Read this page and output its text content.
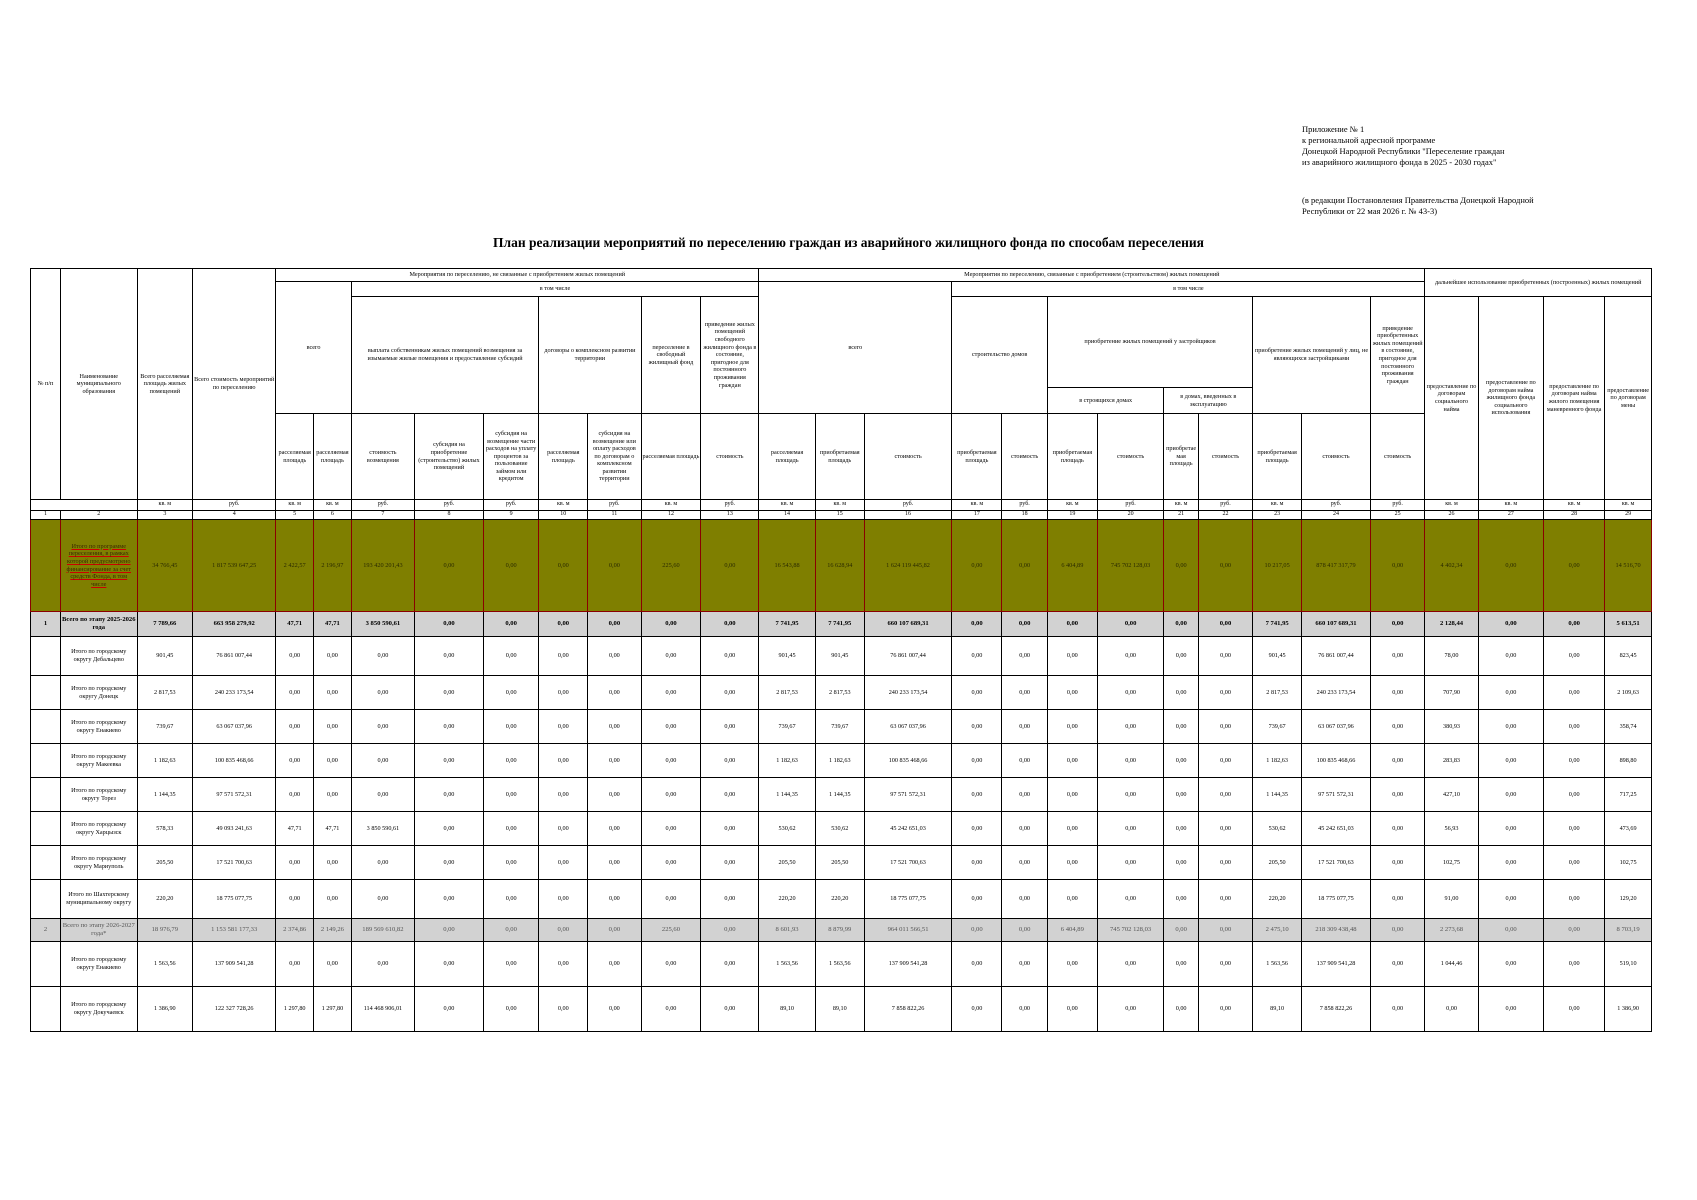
Приложение № 1
к региональной адресной программе
Донецкой Народной Республики "Переселение граждан
из аварийного жилищного фонда в 2025 - 2030 годах"
(в редакции Постановления Правительства Донецкой Народной
Республики от 22 мая 2026 г. № 43-3)
План реализации мероприятий по переселению граждан из аварийного жилищного фонда по способам переселения
№ п/п	Наименование муниципального образования	Всего расселяемая площадь жилых помещений	Всего стоимость мероприятий по переселению	Мероприятия по переселению, не связанные с приобретением жилых помещений									Мероприятия по переселению, связанные с приобретением (строительством) жилых помещений												дальнейшее использование приобретенных (построенных) жилых помещений			
				всего		в том числе							всего			в том числе												
						выплата собственникам жилых помещений возмещения за изымаемые жилые помещения и предоставление субсидий			договоры о комплексном развитии территории		переселение в свободный жилищный фонд	приведение жилых помещений свободного жилищного фонда в состояние, пригодное для постоянного проживания граждан				строительство домов		приобретение жилых помещений у застройщиков				приобретение жилых помещений у лиц, не являющихся застройщиками		приведение приобретенных жилых помещений в состояние, пригодное для постоянного проживания граждан	предоставление по договорам социального найма	предоставление по договорам найма жилищного фонда социального использования	предоставление по договорам найма жилого помещения маневренного фонда	предоставление по договорам мены
																		в строящихся домах		в домах, введенных в эксплуатацию								
				расселяемая площадь	расселяемая площадь	стоимость возмещения	субсидия на приобретение (строительство) жилых помещений	субсидия на возмещение части расходов на уплату процентов за пользование займом или кредитом	расселяемая площадь	субсидия на возмещение или оплату расходов по договорам о комплексном развитии территории	расселяемая площадь	стоимость	расселяемая площадь	приобретаемая площадь	стоимость	приобретаемая площадь	стоимость	приобретаемая площадь	стоимость	приобретаемая площадь	стоимость	приобретаемая площадь	стоимость	стоимость				
		кв. м	руб.	кв. м	кв. м	руб.	руб.	руб.	кв. м	руб.	кв. м	руб.	кв. м	кв. м	руб.	кв. м	руб.	кв. м	руб.	кв. м	руб.	кв. м	руб.	руб.	кв. м	кв. м	кв. м	кв. м
1	2	3	4	5	6	7	8	9	10	11	12	13	14	15	16	17	18	19	20	21	22	23	24	25	26	27	28	29
	Итого по программе переселения, в рамках которой предусмотрено финансирование за счет средств Фонда, в том числе	34 766,45	1 817 539 647,25	2 422,57	2 196,97	193 420 201,43	0,00	0,00	0,00	0,00	225,60	0,00	16 543,88	16 628,94	1 624 119 445,82	0,00	0,00	6 404,89	745 702 128,03	0,00	0,00	10 217,05	878 417 317,79	0,00	4 402,34	0,00	0,00	14 516,70
1	Всего по этапу 2025-2026 года	7 789,66	663 958 279,92	47,71	47,71	3 850 590,61	0,00	0,00	0,00	0,00	0,00	0,00	7 741,95	7 741,95	660 107 689,31	0,00	0,00	0,00	0,00	0,00	0,00	7 741,95	660 107 689,31	0,00	2 128,44	0,00	0,00	5 613,51
	Итого по городскому округу Дебальцево	901,45	76 861 007,44	0,00	0,00	0,00	0,00	0,00	0,00	0,00	0,00	0,00	901,45	901,45	76 861 007,44	0,00	0,00	0,00	0,00	0,00	0,00	901,45	76 861 007,44	0,00	78,00	0,00	0,00	823,45
	Итого по городскому округу Донецк	2 817,53	240 233 173,54	0,00	0,00	0,00	0,00	0,00	0,00	0,00	0,00	0,00	2 817,53	2 817,53	240 233 173,54	0,00	0,00	0,00	0,00	0,00	0,00	2 817,53	240 233 173,54	0,00	707,90	0,00	0,00	2 109,63
	Итого по городскому округу Енакиево	739,67	63 067 037,96	0,00	0,00	0,00	0,00	0,00	0,00	0,00	0,00	0,00	739,67	739,67	63 067 037,96	0,00	0,00	0,00	0,00	0,00	0,00	739,67	63 067 037,96	0,00	380,93	0,00	0,00	358,74
	Итого по городскому округу Макеевка	1 182,63	100 835 468,66	0,00	0,00	0,00	0,00	0,00	0,00	0,00	0,00	0,00	1 182,63	1 182,63	100 835 468,66	0,00	0,00	0,00	0,00	0,00	0,00	1 182,63	100 835 468,66	0,00	283,83	0,00	0,00	898,80
	Итого по городскому округу Торез	1 144,35	97 571 572,31	0,00	0,00	0,00	0,00	0,00	0,00	0,00	0,00	0,00	1 144,35	1 144,35	97 571 572,31	0,00	0,00	0,00	0,00	0,00	0,00	1 144,35	97 571 572,31	0,00	427,10	0,00	0,00	717,25
	Итого по городскому округу Харцызск	578,33	49 093 241,63	47,71	47,71	3 850 590,61	0,00	0,00	0,00	0,00	0,00	0,00	530,62	530,62	45 242 651,03	0,00	0,00	0,00	0,00	0,00	0,00	530,62	45 242 651,03	0,00	56,93	0,00	0,00	473,69
	Итого по городскому округу Мариуполь	205,50	17 521 700,63	0,00	0,00	0,00	0,00	0,00	0,00	0,00	0,00	0,00	205,50	205,50	17 521 700,63	0,00	0,00	0,00	0,00	0,00	0,00	205,50	17 521 700,63	0,00	102,75	0,00	0,00	102,75
	Итого по Шахтерскому муниципальному округу	220,20	18 775 077,75	0,00	0,00	0,00	0,00	0,00	0,00	0,00	0,00	0,00	220,20	220,20	18 775 077,75	0,00	0,00	0,00	0,00	0,00	0,00	220,20	18 775 077,75	0,00	91,00	0,00	0,00	129,20
2	Всего по этапу 2026-2027 года*	18 976,79	1 153 581 177,33	2 374,86	2 149,26	189 569 610,82	0,00	0,00	0,00	0,00	225,60	0,00	8 601,93	8 879,99	964 011 566,51	0,00	0,00	6 404,89	745 702 128,03	0,00	0,00	2 475,10	218 309 438,48	0,00	2 273,68	0,00	0,00	8 703,19
	Итого по городскому округу Енакиево	1 563,56	137 909 541,28	0,00	0,00	0,00	0,00	0,00	0,00	0,00	0,00	0,00	1 563,56	1 563,56	137 909 541,28	0,00	0,00	0,00	0,00	0,00	0,00	1 563,56	137 909 541,28	0,00	1 044,46	0,00	0,00	519,10
	Итого по городскому округу Докучаевск	1 386,90	122 327 728,26	1 297,80	1 297,80	114 468 906,01	0,00	0,00	0,00	0,00	0,00	0,00	89,10	89,10	7 858 822,26	0,00	0,00	0,00	0,00	0,00	0,00	89,10	7 858 822,26	0,00	0,00	0,00	0,00	1 386,90
